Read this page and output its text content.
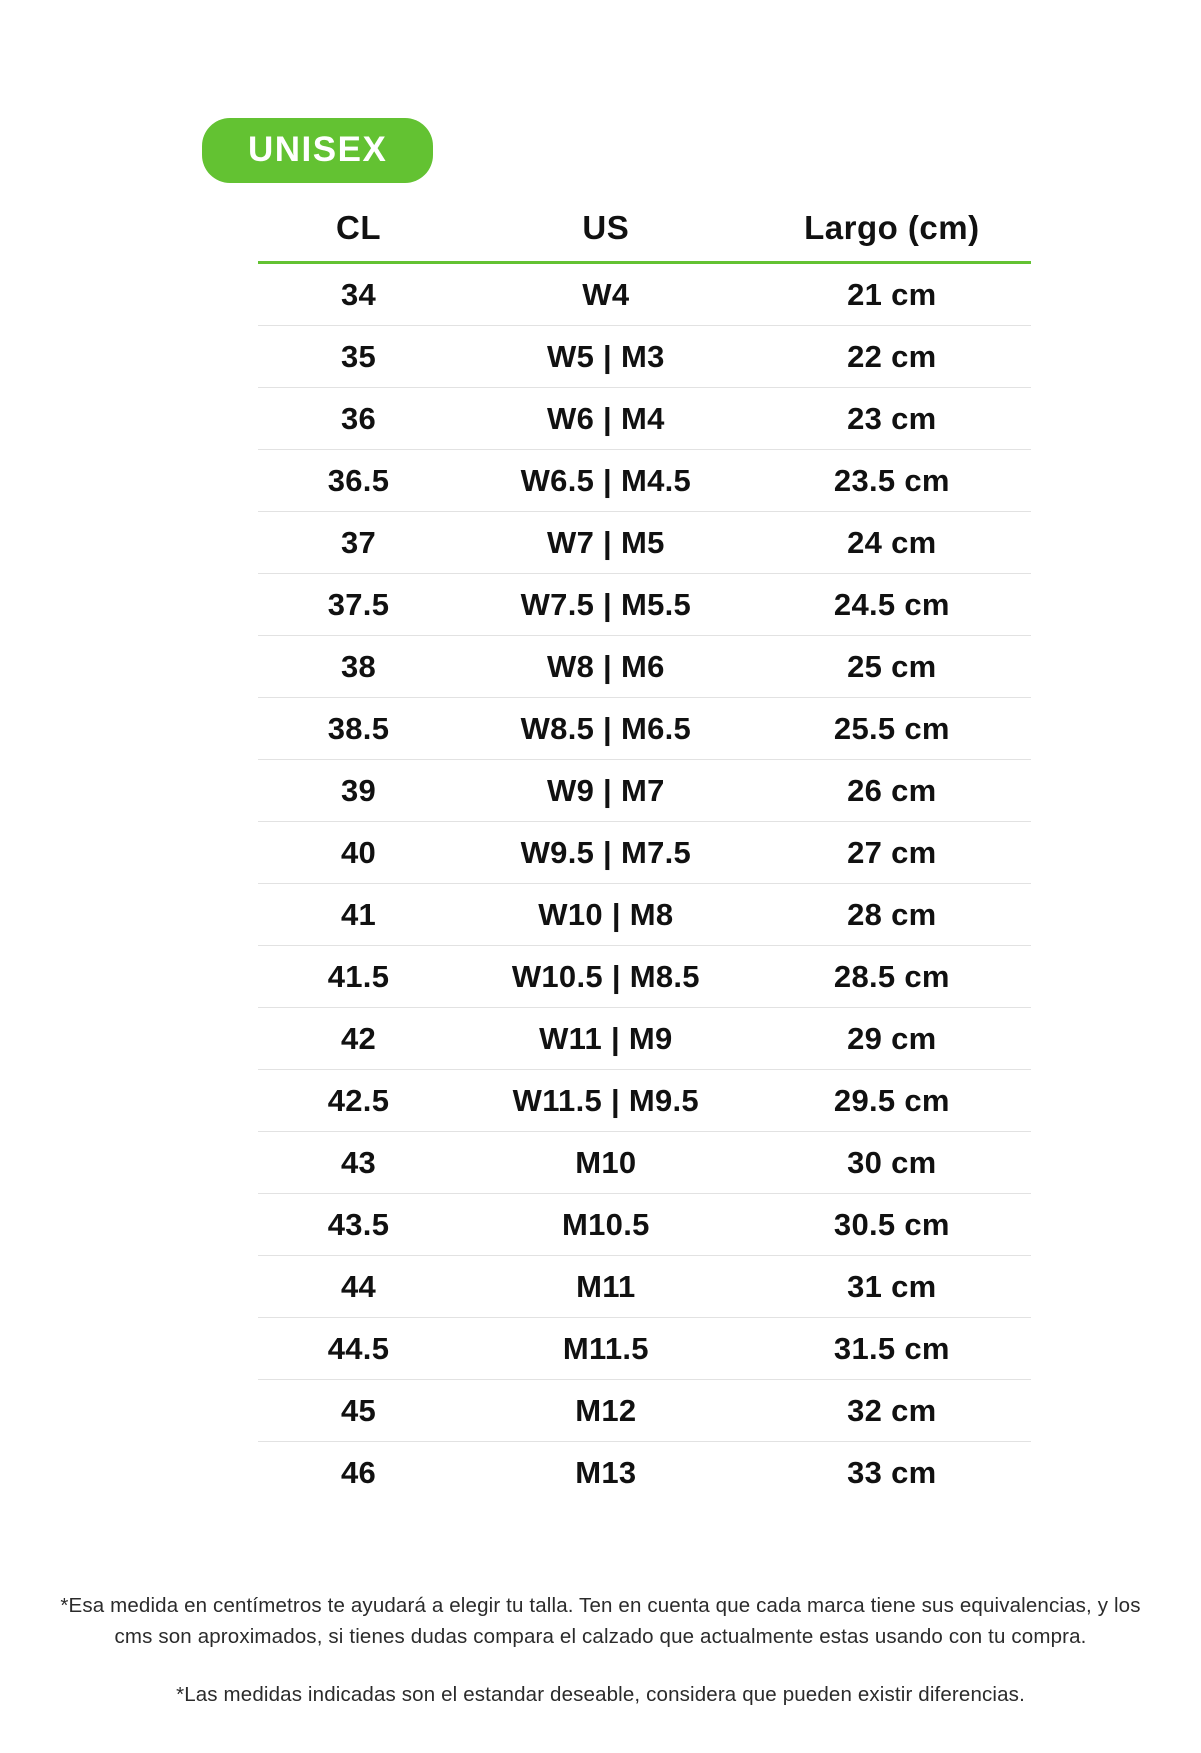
UNISEX
CL	US	Largo (cm)
34	W4	21 cm
35	W5 | M3	22 cm
36	W6 | M4	23 cm
36.5	W6.5 | M4.5	23.5 cm
37	W7 | M5	24 cm
37.5	W7.5 | M5.5	24.5 cm
38	W8 | M6	25 cm
38.5	W8.5 | M6.5	25.5 cm
39	W9 | M7	26 cm
40	W9.5 | M7.5	27 cm
41	W10 | M8	28 cm
41.5	W10.5 | M8.5	28.5 cm
42	W11 | M9	29 cm
42.5	W11.5 | M9.5	29.5 cm
43	M10	30 cm
43.5	M10.5	30.5 cm
44	M11	31 cm
44.5	M11.5	31.5 cm
45	M12	32 cm
46	M13	33 cm
*Esa medida en centímetros te ayudará a elegir tu talla. Ten en cuenta que cada marca tiene sus equivalencias, y los cms son aproximados, si tienes dudas compara el calzado que actualmente estas usando con tu compra.
*Las medidas indicadas son el estandar deseable, considera que pueden existir diferencias.
